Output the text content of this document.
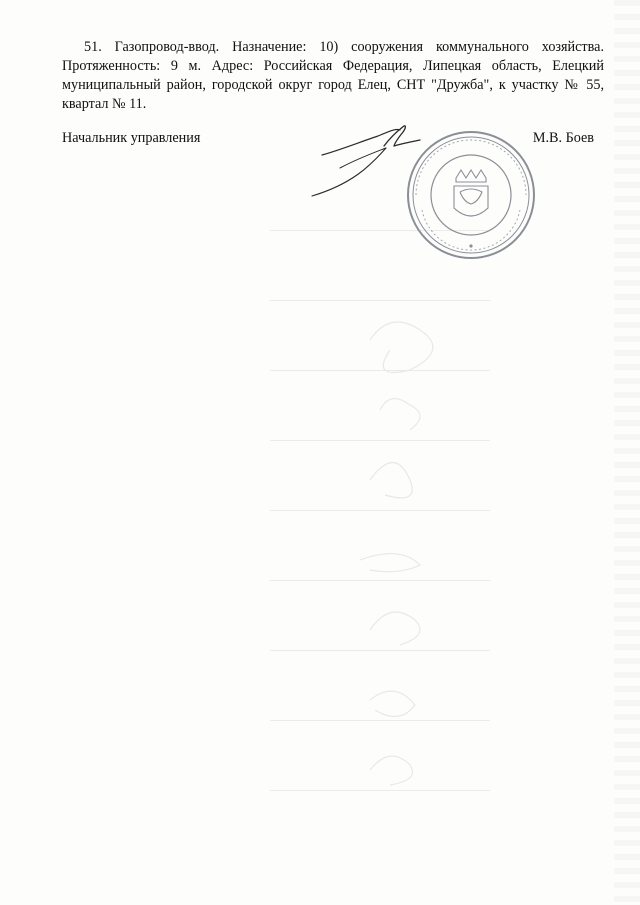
51. Газопровод-ввод. Назначение: 10) сооружения коммунального хозяйства. Протяженность: 9 м. Адрес: Российская Федерация, Липецкая область, Елецкий муниципальный район, городской округ город Елец, СНТ "Дружба", к участку № 55, квартал № 11.

Начальник управления	М.В. Боев
